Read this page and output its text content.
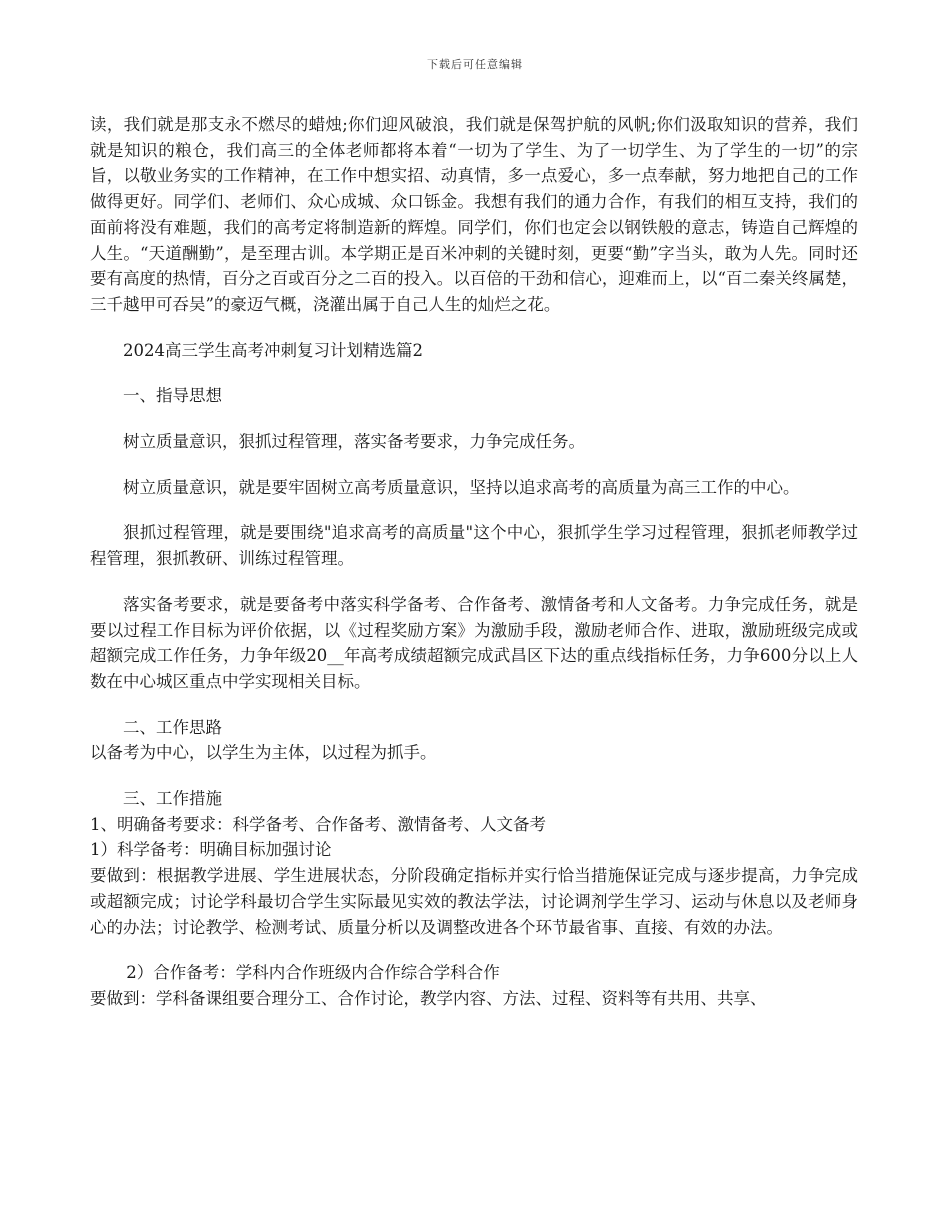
下载后可任意编辑

读，我们就是那支永不燃尽的蜡烛;你们迎风破浪，我们就是保驾护航的风帆;你们汲取知识的营养，我们就是知识的粮仓，我们高三的全体老师都将本着“一切为了学生、为了一切学生、为了学生的一切”的宗旨，以敬业务实的工作精神，在工作中想实招、动真情，多一点爱心，多一点奉献，努力地把自己的工作做得更好。同学们、老师们、众心成城、众口铄金。我想有我们的通力合作，有我们的相互支持，我们的面前将没有难题，我们的高考定将制造新的辉煌。同学们，你们也定会以钢铁般的意志，铸造自己辉煌的人生。“天道酬勤”，是至理古训。本学期正是百米冲刺的关键时刻，更要“勤”字当头，敢为人先。同时还要有高度的热情，百分之百或百分之二百的投入。以百倍的干劲和信心，迎难而上，以“百二秦关终属楚，三千越甲可吞吴”的豪迈气概，浇灌出属于自己人生的灿烂之花。

2024高三学生高考冲刺复习计划精选篇2

一、指导思想

树立质量意识，狠抓过程管理，落实备考要求，力争完成任务。

树立质量意识，就是要牢固树立高考质量意识，坚持以追求高考的高质量为高三工作的中心。

狠抓过程管理，就是要围绕"追求高考的高质量"这个中心，狠抓学生学习过程管理，狠抓老师教学过程管理，狠抓教研、训练过程管理。

落实备考要求，就是要备考中落实科学备考、合作备考、激情备考和人文备考。力争完成任务，就是要以过程工作目标为评价依据，以《过程奖励方案》为激励手段，激励老师合作、进取，激励班级完成或超额完成工作任务，力争年级20__年高考成绩超额完成武昌区下达的重点线指标任务，力争600分以上人数在中心城区重点中学实现相关目标。

二、工作思路

以备考为中心，以学生为主体，以过程为抓手。

三、工作措施

1、明确备考要求：科学备考、合作备考、激情备考、人文备考

1）科学备考：明确目标加强讨论

要做到：根据教学进展、学生进展状态，分阶段确定指标并实行恰当措施保证完成与逐步提高，力争完成或超额完成；讨论学科最切合学生实际最见实效的教法学法，讨论调剂学生学习、运动与休息以及老师身心的办法；讨论教学、检测考试、质量分析以及调整改进各个环节最省事、直接、有效的办法。

2）合作备考：学科内合作班级内合作综合学科合作

要做到：学科备课组要合理分工、合作讨论，教学内容、方法、过程、资料等有共用、共享、
